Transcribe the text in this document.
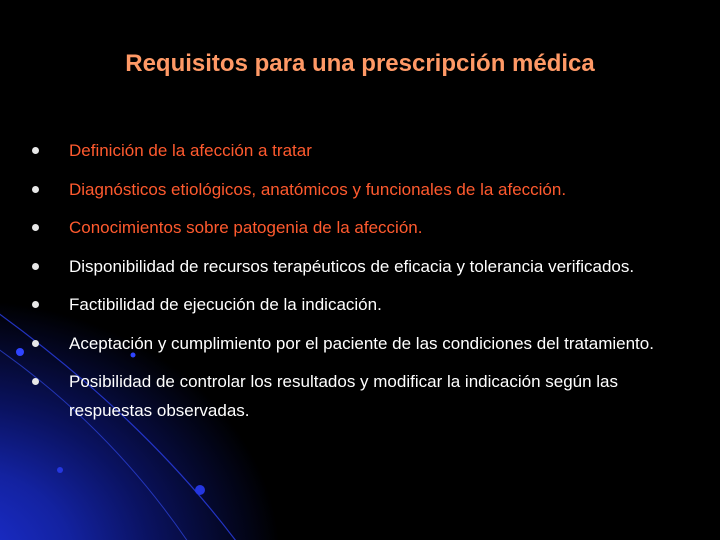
Requisitos para una prescripción médica
Definición de la afección a tratar
Diagnósticos etiológicos, anatómicos y funcionales de la afección.
Conocimientos sobre patogenia de la afección.
Disponibilidad de recursos terapéuticos de eficacia y tolerancia verificados.
Factibilidad de ejecución de la indicación.
Aceptación y cumplimiento por el paciente de las condiciones del tratamiento.
Posibilidad de controlar los resultados y modificar la indicación según las respuestas observadas.
